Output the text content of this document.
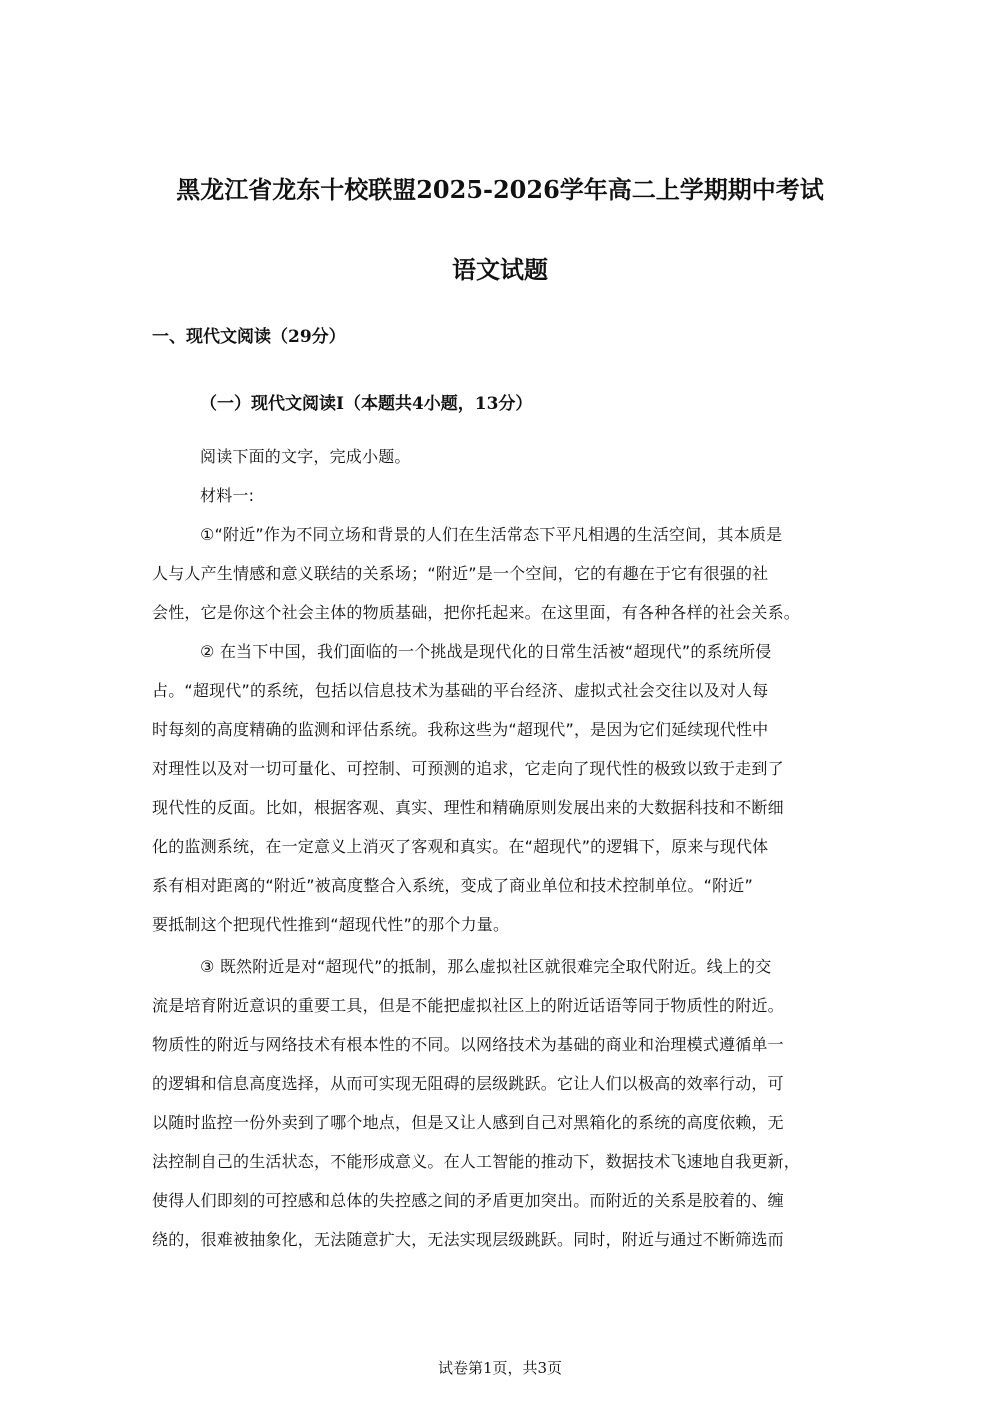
黑龙江省龙东十校联盟2025-2026学年高二上学期期中考试
语文试题
一、现代文阅读（29分）
（一）现代文阅读I（本题共4小题，13分）
阅读下面的文字，完成小题。
材料一:
①“附近”作为不同立场和背景的人们在生活常态下平凡相遇的生活空间，其本质是
人与人产生情感和意义联结的关系场；“附近”是一个空间，它的有趣在于它有很强的社
会性，它是你这个社会主体的物质基础，把你托起来。在这里面，有各种各样的社会关系。
② 在当下中国，我们面临的一个挑战是现代化的日常生活被“超现代”的系统所侵
占。“超现代”的系统，包括以信息技术为基础的平台经济、虚拟式社会交往以及对人每
时每刻的高度精确的监测和评估系统。我称这些为“超现代”，是因为它们延续现代性中
对理性以及对一切可量化、可控制、可预测的追求，它走向了现代性的极致以致于走到了
现代性的反面。比如，根据客观、真实、理性和精确原则发展出来的大数据科技和不断细
化的监测系统，在一定意义上消灭了客观和真实。在“超现代”的逻辑下，原来与现代体
系有相对距离的“附近”被高度整合入系统，变成了商业单位和技术控制单位。“附近”
要抵制这个把现代性推到“超现代性”的那个力量。
③ 既然附近是对“超现代”的抵制，那么虚拟社区就很难完全取代附近。线上的交
流是培育附近意识的重要工具，但是不能把虚拟社区上的附近话语等同于物质性的附近。
物质性的附近与网络技术有根本性的不同。以网络技术为基础的商业和治理模式遵循单一
的逻辑和信息高度选择，从而可实现无阻碍的层级跳跃。它让人们以极高的效率行动，可
以随时监控一份外卖到了哪个地点，但是又让人感到自己对黑箱化的系统的高度依赖，无
法控制自己的生活状态，不能形成意义。在人工智能的推动下，数据技术飞速地自我更新，
使得人们即刻的可控感和总体的失控感之间的矛盾更加突出。而附近的关系是胶着的、缠
绕的，很难被抽象化，无法随意扩大，无法实现层级跳跃。同时，附近与通过不断筛选而
试卷第1页，共3页
